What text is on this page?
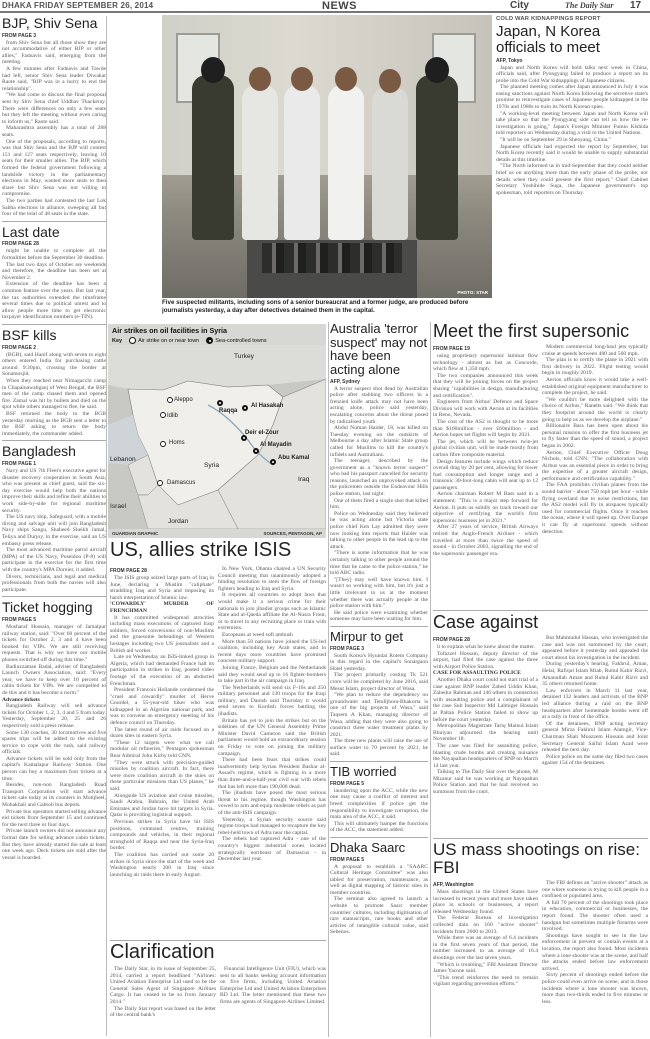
DHAKA FRIDAY SEPTEMBER 26, 2014	NEWS	City	The Daily Star 17
BJP, Shiv Sena
FROM PAGE 3

from Shiv Sena but all those show they are not accommodative of either BJP or other allies," Fadnavis said, emerging from the meeting.

A few minutes after Fadnavis and Tawde had left, senior Shiv Sena leader Diwakar Raote said, "BJP was in a hurry to end the relationship".

"We had come to discuss the final proposal sent by Shiv Sena chief Uddhav Thackeray. There were differences on only a few seats but they left the meeting without even caring to inform us," Raote said.

Maharashtra assembly has a total of 288 seats.

One of the proposals, according to reports, was that Shiv Sena and the BJP will contest 151 and 127 seats respectively, leaving 10 seats for their smaller allies. The BJP, which formed the federal government following a landslide victory in the parliamentary elections in May, wanted more seats to then share but Shiv Sena was not willing to compromise.

The two parties had contested the last Lok Sabha elections in alliance, sweeping all but four of the total of 48 seats in the state.

Last date
FROM PAGE 28

might be unable to complete all the formalities before the September 30 deadline.

The last two days of October are weekends and therefore, the deadline has been set at November 2.

Extension of the deadline has been a common feature over the years. But last year, the tax authorities extended the timeframe several times due to political unrest and to allow people more time to get electronic taxpayer identification numbers (e-TIN).

BSF kills
FROM PAGE 2

(BGB), said Hanif along with seven to eight others entered India for purchasing cattle around 9:30pm, crossing the border at Sonamosjid.

When they reached near Nimagacchi camp in Chapainawabganj of West Bengal, the BSF men of the camp chased them and opened fire. Zamal was hit by bullets and died on the spot while others managed to flee, he said.

BSF returned the body to the BGB yesterday morning as the BGB sent a letter to the BSF asking to return the body immediately, the commander added.

Bangladesh
FROM PAGE 1

Navy and US 7th Fleet's executive agent for disaster recovery cooperation in South Asia, who was present as chief guest, said the six-day exercise would help both the nations improve their skills and refine their abilities to work side-by-side for regional maritime security.

The US navy ship, Safeguard, with a mobile diving and salvage unit will join Bangladesh Navy ships Sangu, Shaheed Sheikh Jamal, Teliya and Durjoy, in the exercise, said an US embassy press release.

The most advanced maritime patrol aircraft (MPA) of the US Navy, Poseidon (P-8) will participate in the exercise for the first time with the country's MPA Dornier, it added.

Divers, technicians, and legal and medical professionals from both the navies will also participate.

Ticket hogging
FROM PAGE 5

Mosharaf Hossain, manager of Jamalpur railway station, said: "Over 60 percent of the tickets for October 2, 3 and 4 have been booked for VIPs. We are still receiving requests. That is why we have our mobile phones switched off during this time."

Badiuzzaman Badal, adviser of Bangladesh Launch Owners Association, said: "Every year, we have to keep over 10 percent of cabin tickets for VIPs. We are compelled to do this and it has become a norm."

Advance tickets

Bangladesh Railway will sell advance tickets for October 1, 2, 3, 4 and 5 from today. Yesterday, September 20, 25 and 26 respectively sold a press release.

Some 130 coaches, 30 locomotives and five spares trips will be added to the existing service to cope with the rush, said railway officials.

Advance tickets will be sold only from the capital's Kamalapur Railway Station. One person can buy a maximum four tickets at a time.

Besides, non-non Bangladesh Road Transport Corporation will start advance tickets sale today at its counters in Motijheel, Mohakhali and Gabtoli bus depots.

Private bus operators started selling advance eid tickets from September 15 and continued for the next three or four days.

Private launch owners did not announce any formal date for selling advance cabin tickets. But they have already started the sale at least one week ago. Deck tickets are sold after the vessel is boarded.

PHOTO: STAR
Five suspected militants, including sons of a senior bureaucrat and a former judge, are produced before journalists yesterday, a day after detectives detained them in the capital.
COLD WAR KIDNAPPINGS REPORT
Japan, N Korea officials to meet
AFP, Tokyo

Japan and North Korea will hold talks next week in China, officials said, after Pyongyang failed to produce a report on its probe into the Cold War kidnappings of Japanese citizens.

The planned meeting comes after Japan announced in July it was easing sanctions against North Korea following the secretive state's promise to reinvestigate cases of Japanese people kidnapped in the 1970s and 1980s to train its North Korean spies.

"A working-level meeting between Japan and North Korea will take place so that the Pyongyang side can tell us how the re-investigation is going," Japan's Foreign Minister Fumio Kishida told reporters on Wednesday during a visit to the United Nations.

"It will be on September 29 in Shenyang, China."

Japanese officials had expected the report by September, but North Korea recently said it would be unable to supply substantial details at this timeline.

"The North informed us in mid-September that they could neither brief us on anything more than the early phase of the probe, nor details when they could present the first report," Chief Cabinet Secretary Yoshihide Suga, the Japanese government's top spokesman, told reporters on Thursday.

Air strikes on oil facilities in Syria
Key	Air strike on or near town	Sea-controlled towns
Turkey
Aleppo
Idlib
Raqqa
Al Hasakah
Homs
Lebanon
Damascus
Israel
Jordan
Iraq
Syria
Deir el-Zour
Al Mayadin
Abu Kamal
GUARDIAN GRAPHIC	SOURCES, PENTAGON, AP
US, allies strike ISIS
FROM PAGE 28

The ISIS group seized large parts of Iraq in June, declaring a Muslim "caliphate" straddling Iraq and Syria and imposing its harsh interpretation of Islamic law.

'COWARDLY' MURDER OF FRENCHMAN

It has committed widespread atrocities including mass executions of captured Iraqi soldiers, forced conversions of non-Muslims and the gruesome beheadings of Western hostages including two US journalists and a British aid worker.

Late on Wednesday an ISIS-linked group in Algeria, which had demanded France halt its participation in strikes in Iraq, posted video footage of the execution of an abducted Frenchman.

President Francois Hollande condemned the "cruel and cowardly" murder of Herve Gourdel, a 55-year-old hiker who was kidnapped in an Algerian national park, and was to convene an emergency meeting of his defence council on Thursday.

The latest round of air raids focused on a dozen sites in eastern Syria.

"These 12 targets were what we call modular oil refineries," Pentagon spokesman Rear Admiral John Kirby told CNN.

"They were struck with precision-guided missiles by coalition aircraft. In fact, there were more coalition aircraft in the skies on these particular missions than US planes," he said.

Alongside US aviation and cruise missiles, Saudi Arabia, Bahrain, the United Arab Emirates and Jordan have hit targets in Syria. Qatar is providing logistical support.

Previous strikes in Syria have hit ISIS positions, command centres, training compounds and vehicles, in their regional stronghold of Raqqa and near the Syria-Iraq border.

The coalition has carried out some 20 strikes in Syria since the start of the week and Washington nearly 200 in Iraq since launching air raids there in early August.

In New York, Obama chaired a UN Security Council meeting that unanimously adopted a binding resolution to stem the flow of foreign fighters heading to Iraq and Syria.

It requires all countries to adopt laws that would make it a serious crime for their nationals to join jihadist groups such as Islamic State and al-Qaeda affiliate the Al-Nusra Front, or to travel to any recruiting place or train with extremists.

Europeans at weed soft ambush

More than 50 nations have joined the US-led coalition, including key Arab states, and in recent days more countries have promised concrete military support.

Joining France, Belgium and the Netherlands said they would send up to 16 fighter-bombers to take part in the air campaign in Iraq.

The Netherlands will send six F-16s and 250 military personnel and 130 troops for the Iraqi military, and Danish said Thursday it would send seven to Kurdish forces battling the jihadists.

Britain has yet to join the strikes but on the sidelines of the UN General Assembly Prime Minister David Cameron said the British parliament would hold an extraordinary session on Friday to vote on joining the military campaign.

There had been fears that strikes could inadvertently help Syrian President Bashar al-Assad's regime, which is fighting in a more than three-and-a-half-year civil war with rebels that has left more than 190,000 dead.

The jihadists have posed the most serious threat to his regime, though Washington has vowed to arm and equip moderate rebels as part of the anti-ISIS campaign.

Yesterday, a Syrian security source said regime troops had managed to recapture the key rebel-held town of Adra near the capital.

The rebels had captured Adra - one of the country's biggest industrial zones located strategically northeast of Damascus - in December last year.

Clarification

The Daily Star, in its issue of September 25, 2014, carried a report headlined "Airlines: United Aviation Enterprise Ltd used to be the General Sales Agent of Singapore Airlines Cargo. It has ceased to be so from January 2014."

The Daily Star report was based on the letter of the central bank's

Financial Intelligence Unit (FIU), which was sent to all banks seeking account information on five firms, including United Aviation Enterprise Ltd and United Aviation Enterprises BD Ltd. The letter mentioned that these two firms are agents of Singapore Airlines Limited.

Australia 'terror suspect' may not have been acting alone
AFP, Sydney

A terror suspect shot dead by Australian police after stabbing two officers in a frenzied knife attack may not have been acting alone, police said yesterday, escalating concerns about the threat posed by radicalised youth.

Abdul Numan Haider, 18, was killed on Tuesday evening on the outskirts of Melbourne a day after Islamic State group called for Muslims to kill the country's infidels and Australians.

The teenager, described by the government as a "known terror suspect" who had his passport cancelled for security reasons, launched an unprovoked attack on the policemen outside the Endeavour Hills police station, last night.

One of them fired a single shot that killed him.

Police on Wednesday said they believed he was acting alone but Victoria state police chief Ken Lay admitted they were now looking into reports that Haider was talking to other people in the lead up to the attack.

"There is some information that he was certainly talking to other people around the time that he came to the police station," he told ABC radio.

"[They] may well have known him. I wasn't so working with him, but it's just a little irrelevant to us at the moment whether there was actually people at the police station with him."

He said police were examining whether someone may have been waiting for him.

Mirpur to get
FROM PAGE 3

South Korea's Hyundai Rotem Company in this regard in the capital's Sonargaon Hotel yesterday.

The project primarily costing Tk 521 crore will be completed by June 2016, said Mesut Islam, project director of Wasa.

"We plan to reduce the dependency on groundwater and Tetulljhora-Bhakurta is one of the big projects of Wasa," said Taqsem A Khan, managing director of Wasa, adding that they were also going to construct three water treatment plants by 2021.

The three new plants will raise the use of surface water to 70 percent by 2021, he said.

TIB worried
FROM PAGE 5

laundering upon the ACC, while the new one may cause a conflict of interest and breed complexities if police get the responsibility to investigate corruption, the main area of the ACC, it said.

This will ultimately hamper the functions of the ACC, the statement added.

Dhaka Saarc
FROM PAGE 5

A proposal to establish a "SAARC Cultural Heritage Committee" was also tabled for preservation, maintenance, as well as digital mapping of historic sites in member countries.

The seminar also agreed to launch a website to promote Saarc member countries' cultures, including digitisation of rare manuscripts, rare books and other articles of intangible cultural value, said Sebenos.

Meet the first supersonic
FROM PAGE 19

using proprietary supersonic laminar flow technology - almost as fast as Concorde, which flew at 1,350 mph.

The two companies announced this week that they will be joining forces on the project sharing "capabilities in design, manufacturing and certification".

Engineers from Airbus' Defence and Space Division will work with Aerion at its facilities in Reno, Nevada.

The cost of the AS2 is thought to be more than $100million - over £60million - and Aerion hopes set flights will begin by 2021.

The jet, which will be between twin-jet global civilian unit, will be made mostly from carbon fibre composite material.

Design features include wings which reduce overall drag by 20 per cent, allowing for lower fuel consumption and longer range and a transonic 30-foot-long cabin will seat up to 12 passengers.

Aerion chairman Robert M Bass said in a statement: "This is a major step forward for Aerion. It puts us solidly on track toward our objective of certifying the world's first supersonic business jet in 2021."

After 27 years of service, British Airways retired the Anglo-French Airliner - which travelled at more than twice the speed of sound - in October 2003, signalling the end of the supersonic passenger era.

Modern commercial long-haul jets typically cruise at speeds between 480 and 560 mph.

The plan is to certify the plane in 2021 with first delivery in 2022. Flight testing would begin in roughly 2019.

Aerion officials know it would take a well-established original equipment manufacturer to complete the project, he said.

"We couldn't be more delighted with the choice of Airbus," Ranetts said. "We think that they footprint around the world is clearly going to help us as we develop the airplane."

Billionaire Bass has been open about his personal mission to offer the first business jet to fly faster than the speed of sound, a project began in 2002.

Aerion, Chief Executive Officer Doug Nichols, told CNN: "The collaboration with Airbus was an essential piece in order to bring the expertise of a greater aircraft design, performance and certification capability."

The FAA prohibits civilian planes from the sound barrier - about 750 mph per hour - while flying overland due to noise restrictions, but the AS2 model will fly in airspaces typically used for commercial flights. Once it reaches the ocean, where it will speed up. Over Europe it can fly at supersonic speeds without detection.

Case against
FROM PAGE 28

it to explain what he knew about the matter.

Tofazzel Hossain, deputy director of the airport, had filed the case against the three with Airport Police Station.

CASE FOR ASSAULTING POLICE

Another Dhaka court could not start trial of a case against BNP leader Zahed Uddin Khan, Zahedur Rahman and 146 others in connection with assaulting police and a complainant of the case Sub Inspector Md Lalmiger Hossain at Paltan Police Station failed to show up before the court yesterday.

Metropolitan Magistrate Tariq Mainul Islam Bhuiyan adjourned the hearing until November 18.

The case was filed for assaulting police, blasting crude bombs and creating nuisance the Nayapaltan headquarters of BNP on March 14 last year.

Talking to The Daily Star over the phone, M Mizanur said he was working at Nayapaltan Police Station and that he had received no summons from the court.

But Mahmudul Hassan, who investigated the case and was not summoned by the court, appeared before it yesterday and appealed the court about his investigation in the incident.

During yesterday's hearing, Fakhrul, Aman, Helal, Rafiqul Islam Miah, Ruhul Kabir Rizvi, Amanullah Aman and Ruhul Kabir Rizvi and 35 others returned home.

Law enforcers in March 11 last year, detained 132 leaders and activists of the BNP led alliance during a raid on the BNP headquarters after homemade bombs went off at a rally in front of the office.

Of the detainees, BNP acting secretary general Mirza Fakhrul Islam Alamgir, Vice-Chairman Shah Moazzem Hossain and Joint Secretary General Saiful Islam Azad were released the next day.

Police police on the same day filed two cases against 154 of the detainees.

US mass shootings on rise: FBI
AFP, Washington

Mass shootings in the United States have increased in recent years and more have taken place in schools or businesses, a report released Wednesday found.

The Federal Bureau of Investigation collected data on 160 "active shooter" incidents from 2000 to 2013.

While there was an average of 6.4 incidents in the first seven years of that period, the number increased to an average of 16.4 shootings over the last seven years.

"Which is troubling," FBI Assistant Director James Yacone said.

"This trend reinforces the need to remain vigilant regarding prevention efforts."

The FBI defines an "active shooter" attack as one where someone is trying to kill people in a confined or populated area.

A full 70 percent of the shootings took place in education, commercial or businesses, the report found. The shooter often used a handgun but sometimes multiple firearms were involved.

Shootings have sought to see in the law enforcement in prevent or contain events at a location, the report also found. Most incidents where a lone shooter was at the scene, and half the attacks ended before law enforcement arrived.

Sixty percent of shootings ended before the police could even arrive on scene, and in those incidents where a lone shooter was known, more than two-thirds ended in five minutes or less.
